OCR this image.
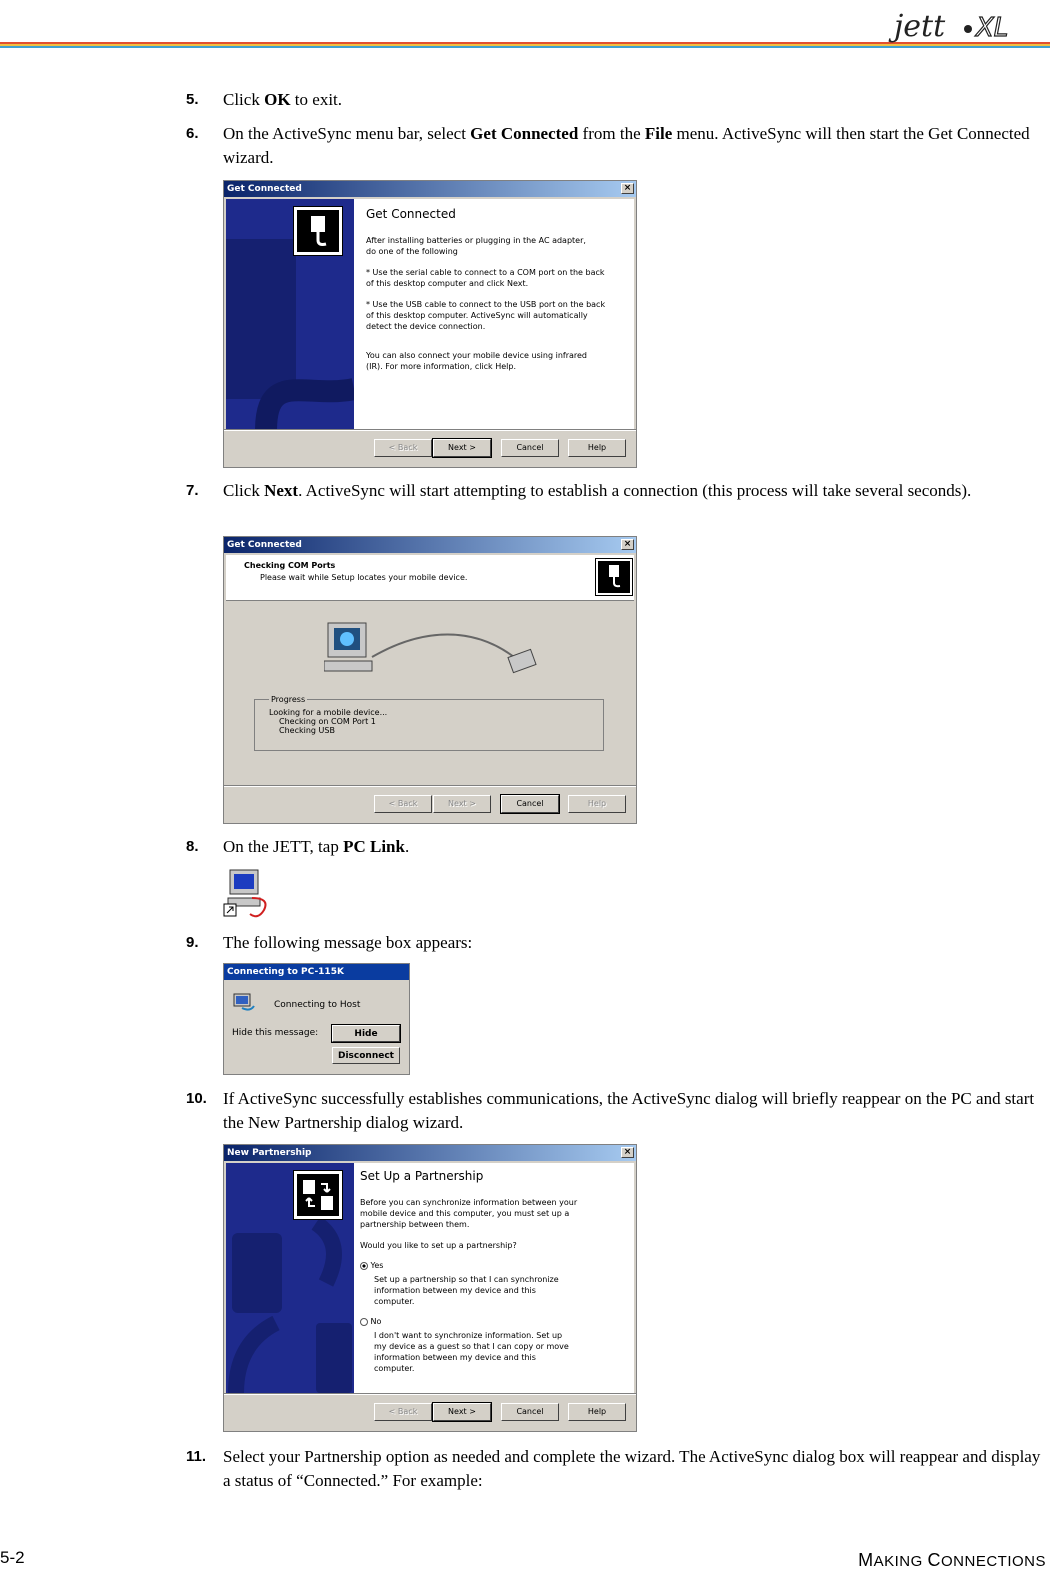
jett XL
5. Click OK to exit.
6. On the ActiveSync menu bar, select Get Connected from the File menu. ActiveSync will then start the Get Connected wizard.
Get Connected	×
Get Connected

After installing batteries or plugging in the AC adapter, do one of the following

* Use the serial cable to connect to a COM port on the back of this desktop computer and click Next.

* Use the USB cable to connect to the USB port on the back of this desktop computer. ActiveSync will automatically detect the device connection.

You can also connect your mobile device using infrared (IR). For more information, click Help.

< Back	Next >	Cancel	Help
7. Click Next. ActiveSync will start attempting to establish a connection (this process will take several seconds).
Get Connected	×
Checking COM Ports
Please wait while Setup locates your mobile device.
Progress
Looking for a mobile device...
Checking on COM Port 1
Checking USB
< Back	Next >	Cancel	Help
8. On the JETT, tap PC Link.
9. The following message box appears:
Connecting to PC-115K
Connecting to Host
Hide this message:	Hide
Disconnect
10. If ActiveSync successfully establishes communications, the ActiveSync dialog will briefly reappear on the PC and start the New Partnership dialog wizard.
New Partnership	×
Set Up a Partnership

Before you can synchronize information between your mobile device and this computer, you must set up a partnership between them.

Would you like to set up a partnership?

Yes

Set up a partnership so that I can synchronize information between my device and this computer.

No

I don't want to synchronize information. Set up my device as a guest so that I can copy or move information between my device and this computer.

< Back	Next >	Cancel	Help
11. Select your Partnership option as needed and complete the wizard. The ActiveSync dialog box will reappear and display a status of “Connected.” For example:
5-2	MAKING CONNECTIONS
